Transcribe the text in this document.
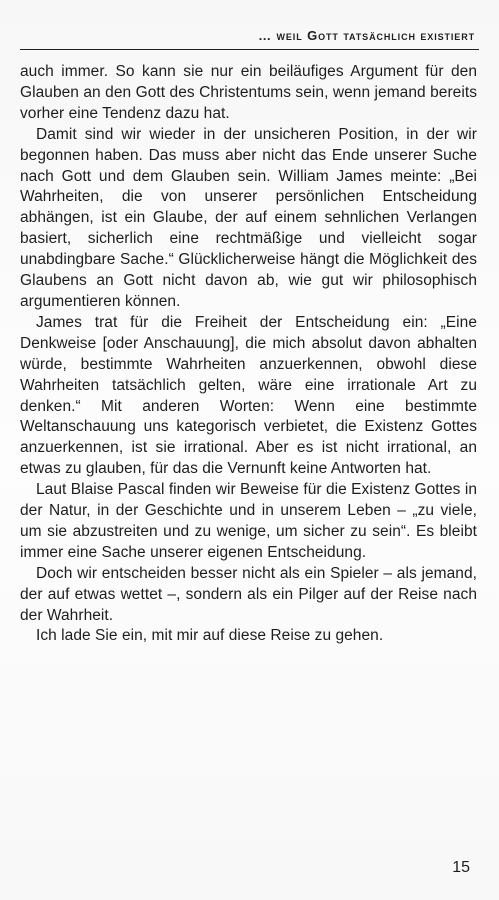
… weil Gott tatsächlich existiert

auch immer. So kann sie nur ein beiläufiges Argument für den Glauben an den Gott des Christentums sein, wenn jemand bereits vorher eine Tendenz dazu hat.

Damit sind wir wieder in der unsicheren Position, in der wir begonnen haben. Das muss aber nicht das Ende unserer Suche nach Gott und dem Glauben sein. William James meinte: „Bei Wahrheiten, die von unserer persönlichen Entscheidung abhängen, ist ein Glaube, der auf einem sehnlichen Verlangen basiert, sicherlich eine rechtmäßige und vielleicht sogar unabdingbare Sache.“ Glücklicherweise hängt die Möglichkeit des Glaubens an Gott nicht davon ab, wie gut wir philosophisch argumentieren können.

James trat für die Freiheit der Entscheidung ein: „Eine Denkweise [oder Anschauung], die mich absolut davon abhalten würde, bestimmte Wahrheiten anzuerkennen, obwohl diese Wahrheiten tatsächlich gelten, wäre eine irrationale Art zu denken.“ Mit anderen Worten: Wenn eine bestimmte Weltanschauung uns kategorisch verbietet, die Existenz Gottes anzuerkennen, ist sie irrational. Aber es ist nicht irrational, an etwas zu glauben, für das die Vernunft keine Antworten hat.

Laut Blaise Pascal finden wir Beweise für die Existenz Gottes in der Natur, in der Geschichte und in unserem Leben – „zu viele, um sie abzustreiten und zu wenige, um sicher zu sein“. Es bleibt immer eine Sache unserer eigenen Entscheidung.

Doch wir entscheiden besser nicht als ein Spieler – als jemand, der auf etwas wettet –, sondern als ein Pilger auf der Reise nach der Wahrheit.

Ich lade Sie ein, mit mir auf diese Reise zu gehen.

15
